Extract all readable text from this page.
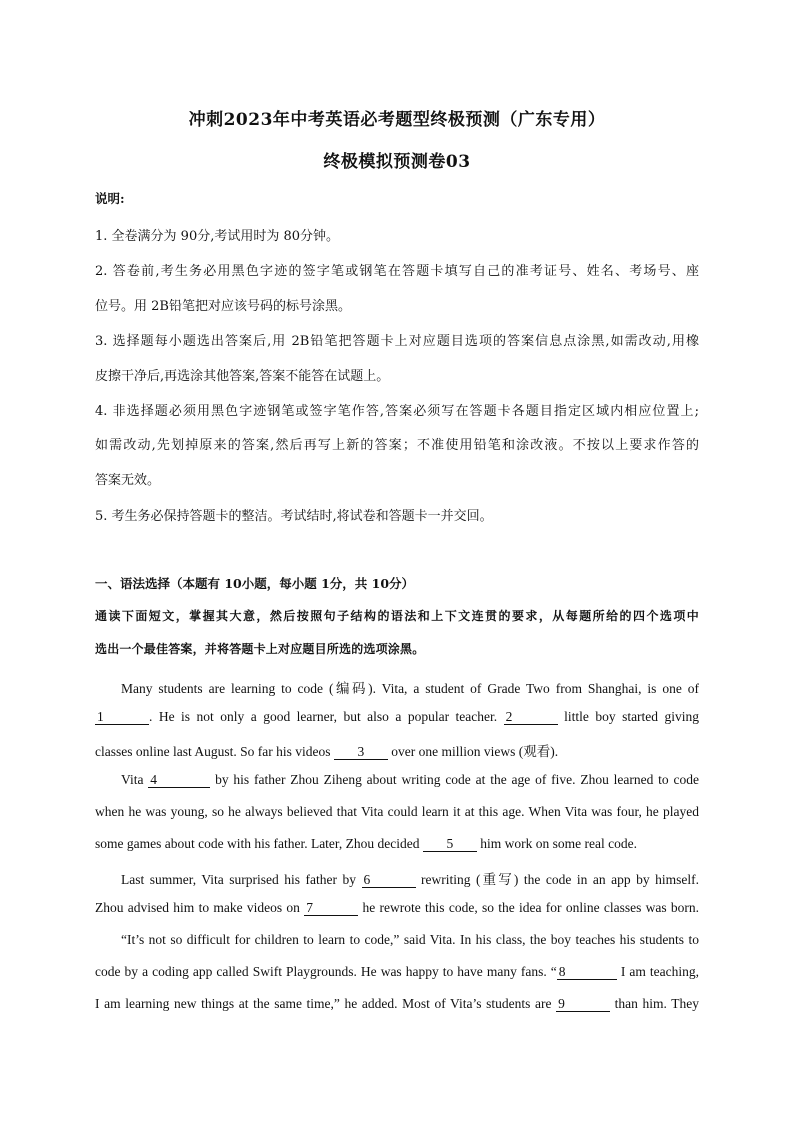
冲刺2023年中考英语必考题型终极预测（广东专用）
终极模拟预测卷03
说明:
1. 全卷满分为 90分,考试用时为 80分钟。
2. 答卷前,考生务必用黑色字迹的签字笔或钢笔在答题卡填写自己的准考证号、姓名、考场号、座
位号。用 2B铅笔把对应该号码的标号涂黑。
3. 选择题每小题选出答案后,用 2B铅笔把答题卡上对应题目选项的答案信息点涂黑,如需改动,用橡
皮擦干净后,再选涂其他答案,答案不能答在试题上。
4. 非选择题必须用黑色字迹钢笔或签字笔作答,答案必须写在答题卡各题目指定区域内相应位置上;
如需改动,先划掉原来的答案,然后再写上新的答案；不准使用铅笔和涂改液。不按以上要求作答的
答案无效。
5. 考生务必保持答题卡的整洁。考试结时,将试卷和答题卡一并交回。
一、语法选择（本题有 10小题，每小题 1分，共 10分）
通读下面短文，掌握其大意，然后按照句子结构的语法和上下文连贯的要求，从每题所给的四个选项中
选出一个最佳答案，并将答题卡上对应题目所选的选项涂黑。
Many students are learning to code (编码). Vita, a student of Grade Two from Shanghai, is one of
1	. He is not only a good learner, but also a popular teacher. 2	little boy started giving
classes online last August. So far his videos 3 over one million views (观看).
Vita 4	by his father Zhou Ziheng about writing code at the age of five. Zhou learned to code
when he was young, so he always believed that Vita could learn it at this age. When Vita was four, he played
some games about code with his father. Later, Zhou decided 5 him work on some real code.
Last summer, Vita surprised his father by 6	rewriting (重写) the code in an app by himself.
Zhou advised him to make videos on 7	he rewrote this code, so the idea for online classes was born.
“It’s not so difficult for children to learn to code,” said Vita. In his class, the boy teaches his students to
code by a coding app called Swift Playgrounds. He was happy to have many fans. “ 8	I am teaching,
I am learning new things at the same time,” he added. Most of Vita’s students are 9	than him. They
